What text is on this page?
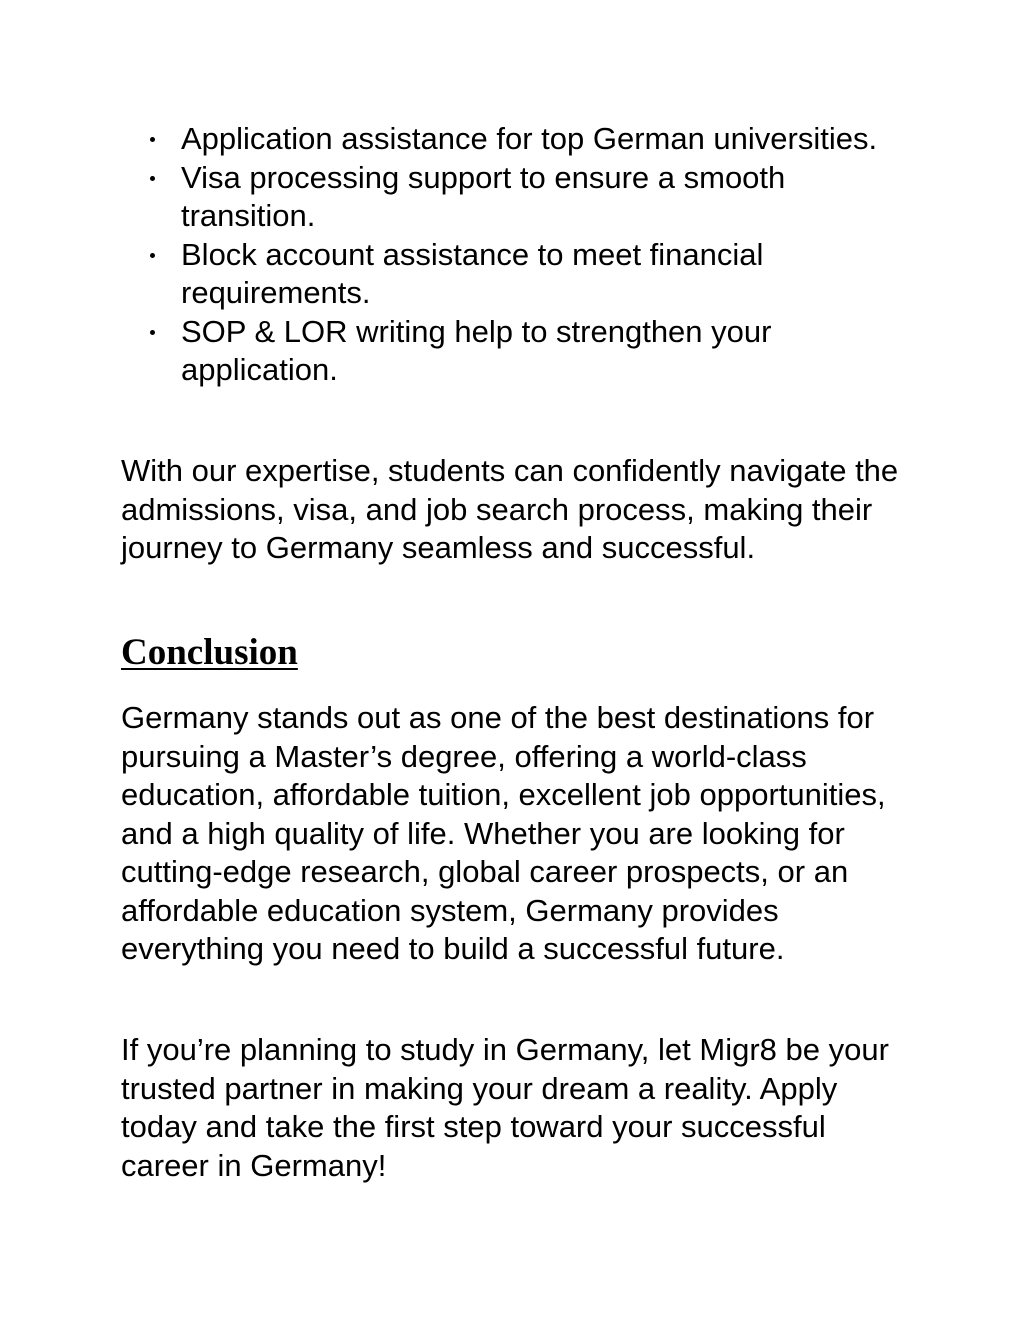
Application assistance for top German universities.
Visa processing support to ensure a smooth transition.
Block account assistance to meet financial requirements.
SOP & LOR writing help to strengthen your application.

With our expertise, students can confidently navigate the admissions, visa, and job search process, making their journey to Germany seamless and successful.

Conclusion

Germany stands out as one of the best destinations for pursuing a Master’s degree, offering a world-class education, affordable tuition, excellent job opportunities, and a high quality of life. Whether you are looking for cutting-edge research, global career prospects, or an affordable education system, Germany provides everything you need to build a successful future.

If you’re planning to study in Germany, let Migr8 be your trusted partner in making your dream a reality. Apply today and take the first step toward your successful career in Germany!
